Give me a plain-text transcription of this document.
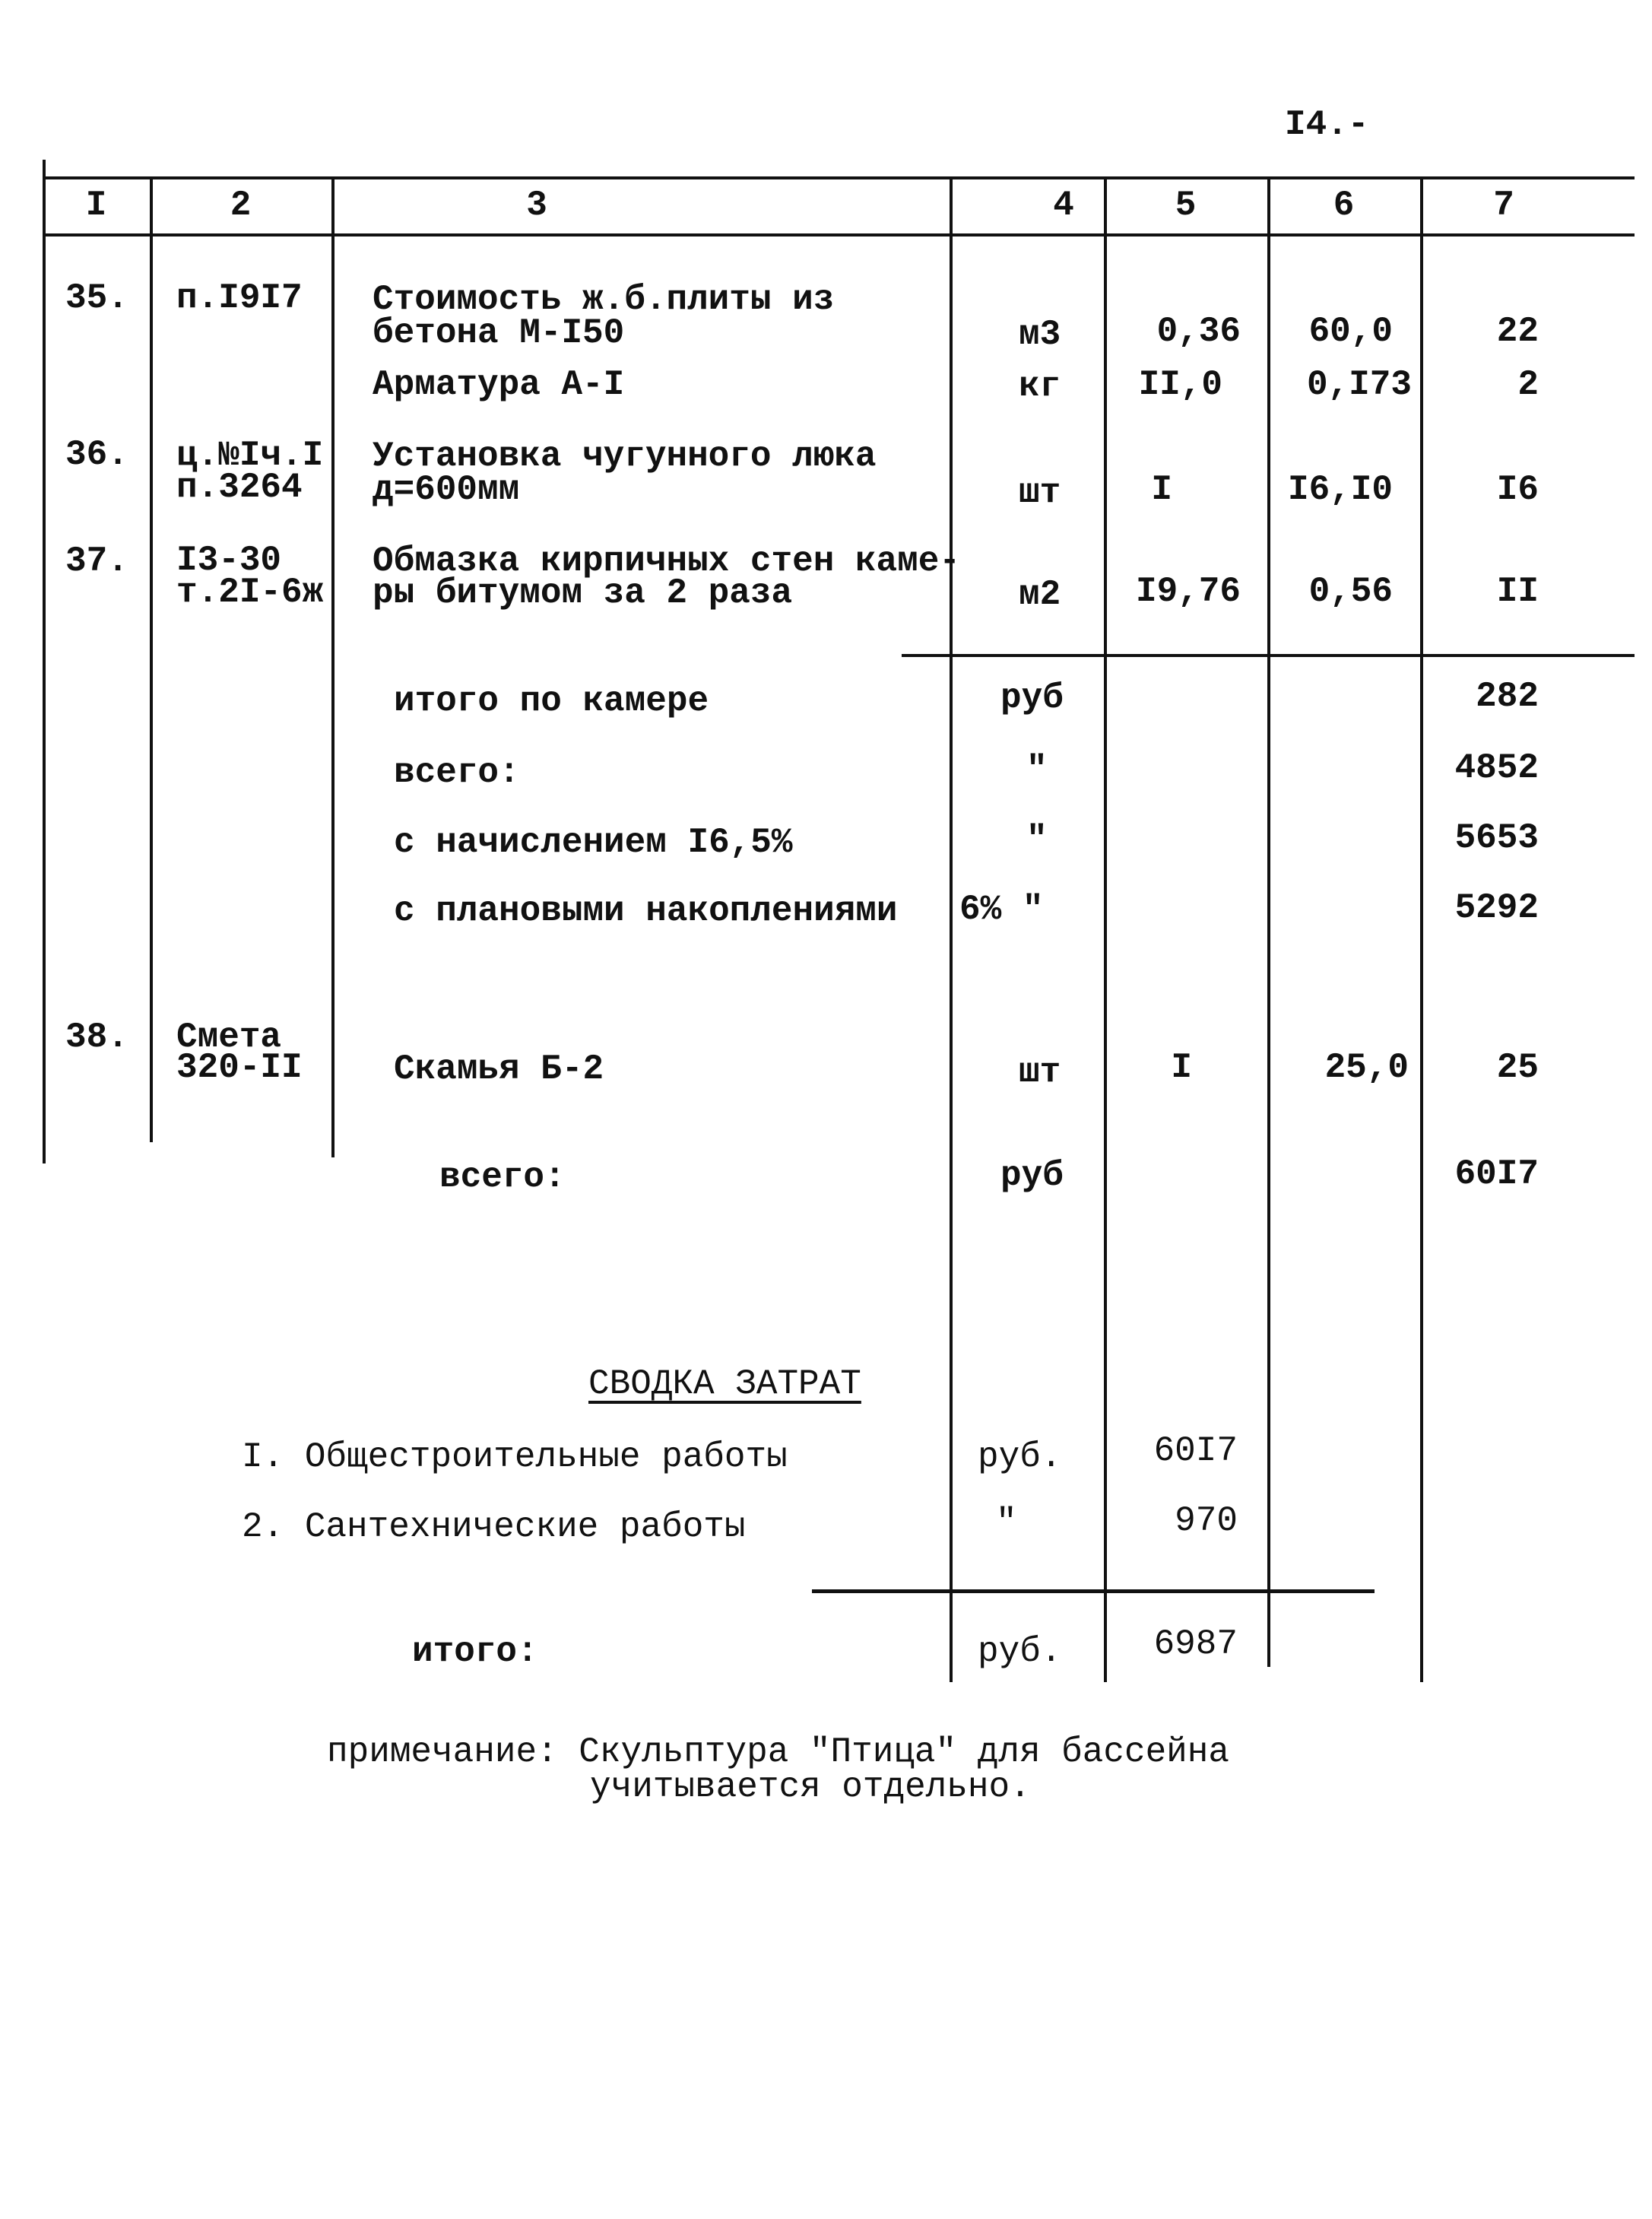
I4.-
I	2	3	4	5	6	7
35. п.I9I7 Стоимость ж.б.плиты из
бетона М-I50	м3	0,36	60,0	22
Арматура А-I	кг	II,0	0,I73	2
36. ц.№Iч.I
п.3264
Установка чугунного люка
д=600мм	шт	I	I6,I0	I6
37. I3-30
т.2I-6ж
Обмазка кирпичных стен каме-
ры битумом за 2 раза	м2	I9,76	0,56	II
итого по камере	руб	282
всего:	"	4852
с начислением I6,5%	"	5653
с плановыми накоплениями 6% "	5292
38. Смета
320-II	Скамья Б-2	шт	I	25,0	25
всего:	руб	60I7
СВОДКА ЗАТРАТ
I. Общестроительные работы	руб.	60I7
2. Сантехнические работы	"	970
итого:	руб.	6987
примечание: Скульптура "Птица" для бассейна
учитывается отдельно.
